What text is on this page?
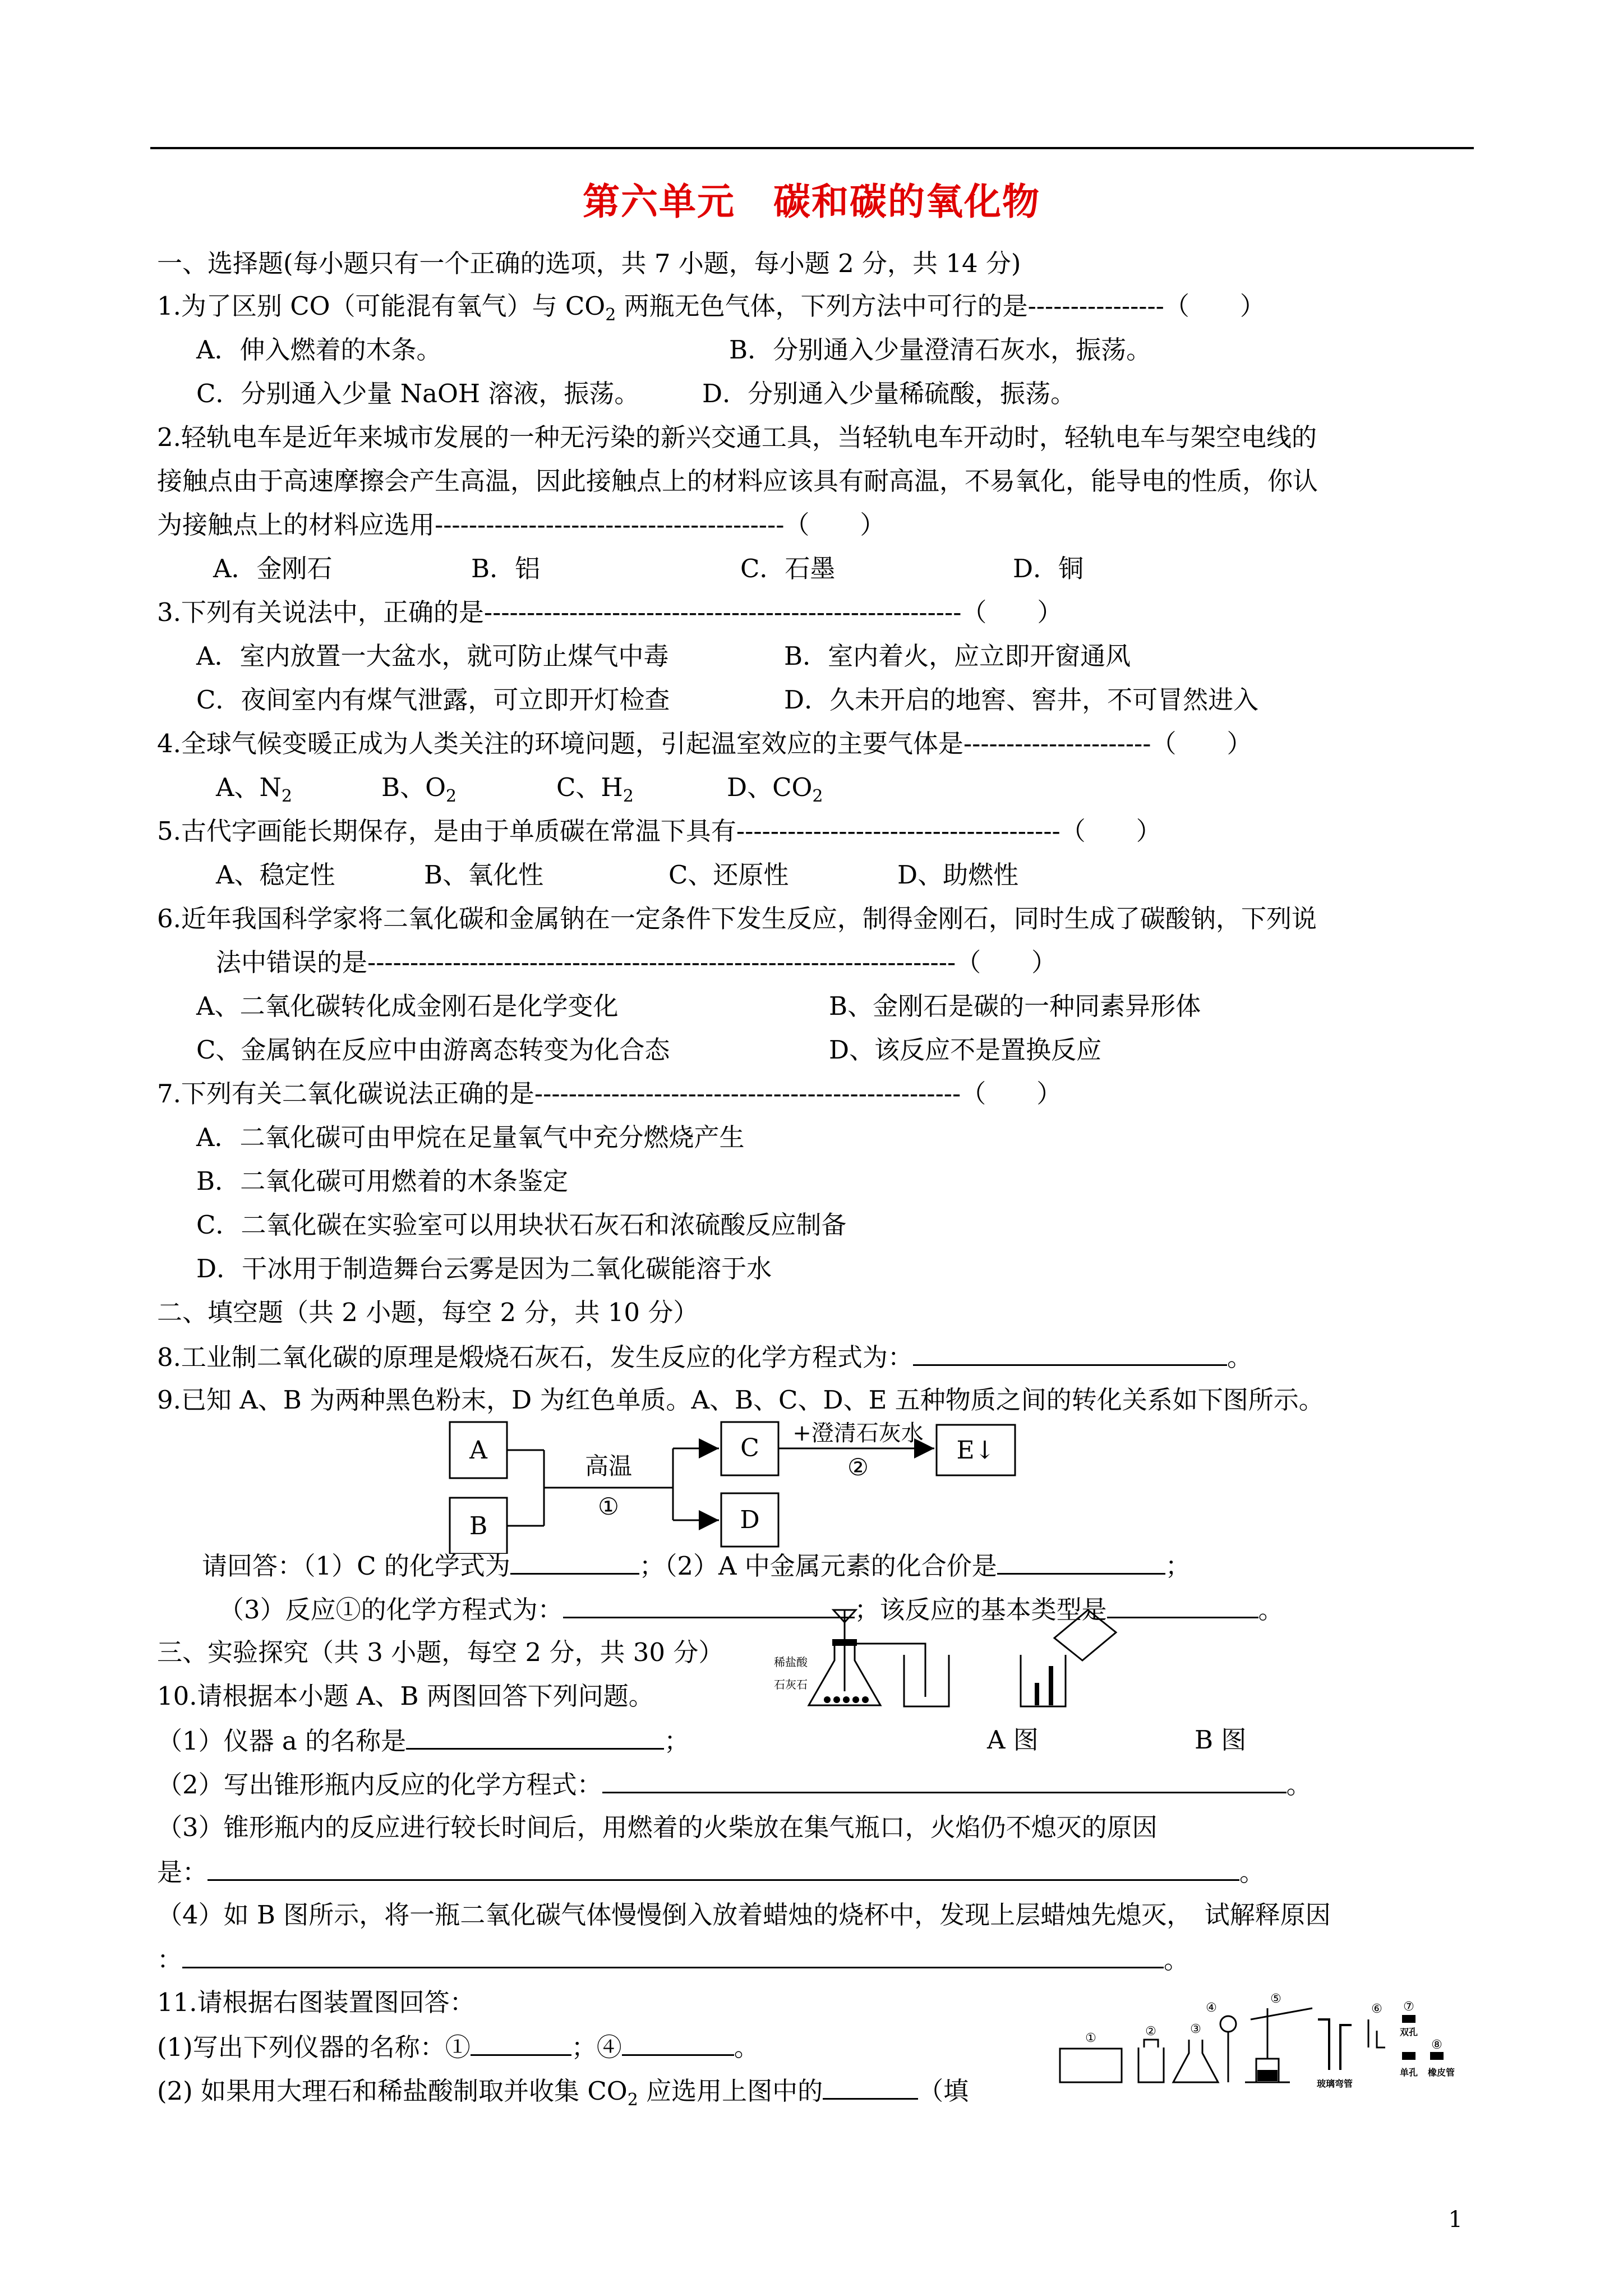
第六单元　碳和碳的氧化物
一、选择题(每小题只有一个正确的选项，共 7 小题，每小题 2 分，共 14 分)
1.为了区别 CO（可能混有氧气）与 $CO_2$ 两瓶无色气体，下列方法中可行的是----------------（　　）
A．伸入燃着的木条。	B．分别通入少量澄清石灰水，振荡。
C．分别通入少量 NaOH 溶液，振荡。 D．分别通入少量稀硫酸，振荡。
2.轻轨电车是近年来城市发展的一种无污染的新兴交通工具，当轻轨电车开动时，轻轨电车与架空电线的
接触点由于高速摩擦会产生高温，因此接触点上的材料应该具有耐高温，不易氧化，能导电的性质，你认
为接触点上的材料应选用-----------------------------------------（　　）
A．金刚石	B．铝	C．石墨	D．铜
3.下列有关说法中，正确的是--------------------------------------------------------（　　）
A．室内放置一大盆水，就可防止煤气中毒	B．室内着火，应立即开窗通风
C．夜间室内有煤气泄露，可立即开灯检查	D．久未开启的地窖、窖井，不可冒然进入
4.全球气候变暖正成为人类关注的环境问题，引起温室效应的主要气体是----------------------（　　）
A、$N_2$	B、$O_2$	C、$H_2$	D、$CO_2$
5.古代字画能长期保存，是由于单质碳在常温下具有--------------------------------------（　　）
A、稳定性	B、氧化性	C、还原性	D、助燃性
6.近年我国科学家将二氧化碳和金属钠在一定条件下发生反应，制得金刚石，同时生成了碳酸钠，下列说
法中错误的是---------------------------------------------------------------------（　　）
A、二氧化碳转化成金刚石是化学变化	B、金刚石是碳的一种同素异形体
C、金属钠在反应中由游离态转变为化合态	D、该反应不是置换反应
7.下列有关二氧化碳说法正确的是--------------------------------------------------（　　）
A．二氧化碳可由甲烷在足量氧气中充分燃烧产生
B．二氧化碳可用燃着的木条鉴定
C．二氧化碳在实验室可以用块状石灰石和浓硫酸反应制备
D．干冰用于制造舞台云雾是因为二氧化碳能溶于水
二、填空题（共 2 小题，每空 2 分，共 10 分）
8.工业制二氧化碳的原理是煅烧石灰石，发生反应的化学方程式为：	。
9.已知 A、B 为两种黑色粉末，D 为红色单质。A、B、C、D、E 五种物质之间的转化关系如下图所示。
A
B
C
D
E↓
高温
①
+澄清石灰水
②
请回答：（1）C 的化学式为	；（2）A 中金属元素的化合价是	；
（3）反应①的化学方程式为：	；该反应的基本类型是	。
三、实验探究（共 3 小题，每空 2 分，共 30 分）
10.请根据本小题 A、B 两图回答下列问题。
稀盐酸
石灰石
A 图	B 图
（1）仪器 a 的名称是	；
（2）写出锥形瓶内反应的化学方程式：	。
（3）锥形瓶内的反应进行较长时间后，用燃着的火柴放在集气瓶口，火焰仍不熄灭的原因
是：	。
（4）如 B 图所示，将一瓶二氧化碳气体慢慢倒入放着蜡烛的烧杯中，发现上层蜡烛先熄灭，　试解释原因
：	。
11.请根据右图装置图回答：
(1)写出下列仪器的名称：①	；④	。
(2) 如果用大理石和稀盐酸制取并收集 $CO_2$ 应选用上图中的	（填
①	②	③
④
⑤
玻璃弯管
⑥ ⑦
双孔
单孔
⑧
橡皮管
1
